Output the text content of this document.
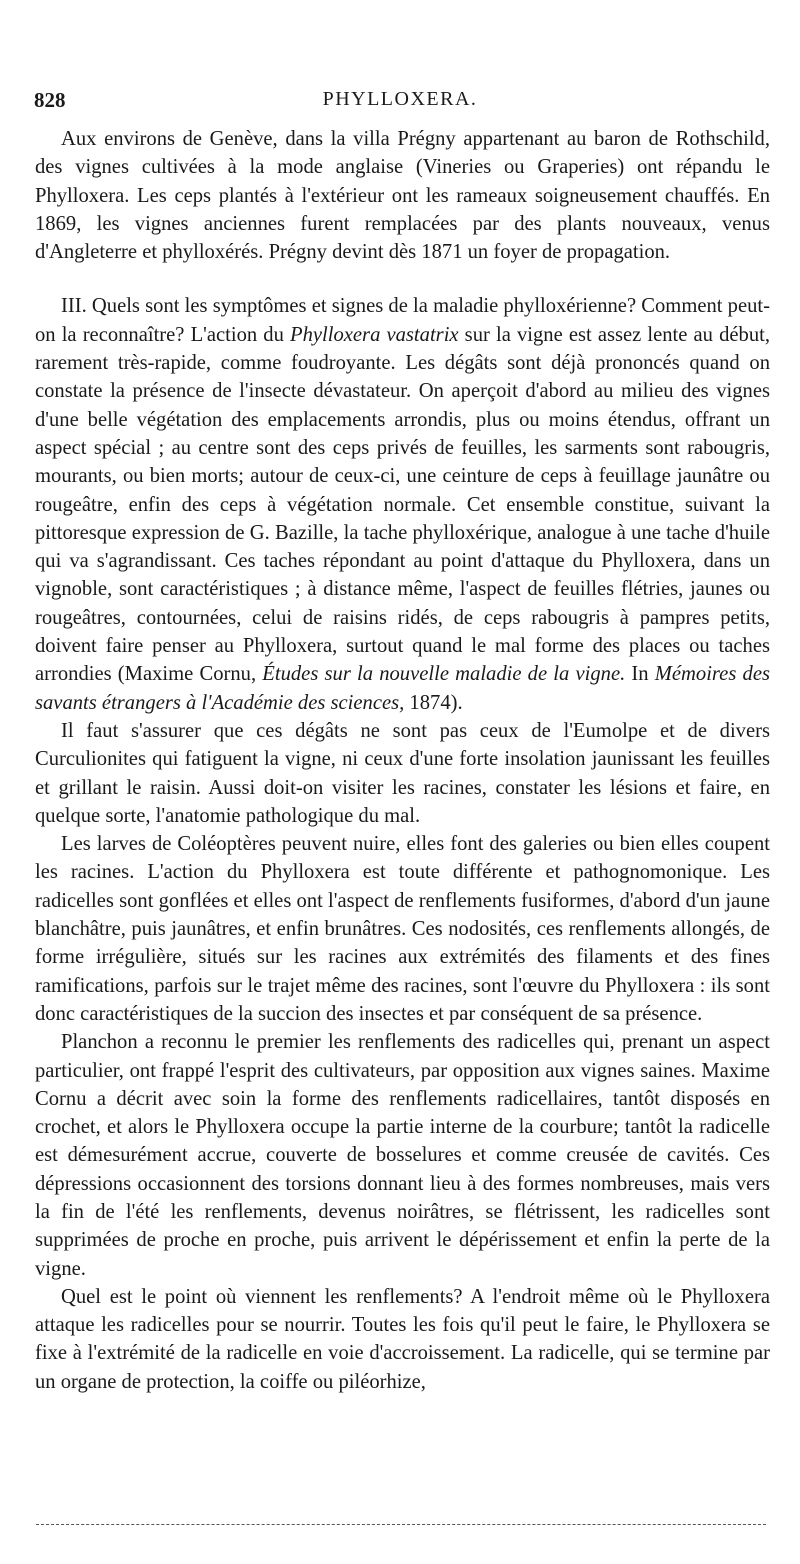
828	PHYLLOXERA.

Aux environs de Genève, dans la villa Prégny appartenant au baron de Rothschild, des vignes cultivées à la mode anglaise (Vineries ou Graperies) ont répandu le Phylloxera. Les ceps plantés à l'extérieur ont les rameaux soigneusement chauffés. En 1869, les vignes anciennes furent remplacées par des plants nouveaux, venus d'Angleterre et phylloxérés. Prégny devint dès 1871 un foyer de propagation.

III. Quels sont les symptômes et signes de la maladie phylloxérienne? Comment peut-on la reconnaître? L'action du Phylloxera vastatrix sur la vigne est assez lente au début, rarement très-rapide, comme foudroyante. Les dégâts sont déjà prononcés quand on constate la présence de l'insecte dévastateur. On aperçoit d'abord au milieu des vignes d'une belle végétation des emplacements arrondis, plus ou moins étendus, offrant un aspect spécial ; au centre sont des ceps privés de feuilles, les sarments sont rabougris, mourants, ou bien morts; autour de ceux-ci, une ceinture de ceps à feuillage jaunâtre ou rougeâtre, enfin des ceps à végétation normale. Cet ensemble constitue, suivant la pittoresque expression de G. Bazille, la tache phylloxérique, analogue à une tache d'huile qui va s'agrandissant. Ces taches répondant au point d'attaque du Phylloxera, dans un vignoble, sont caractéristiques ; à distance même, l'aspect de feuilles flétries, jaunes ou rougeâtres, contournées, celui de raisins ridés, de ceps rabougris à pampres petits, doivent faire penser au Phylloxera, surtout quand le mal forme des places ou taches arrondies (Maxime Cornu, Études sur la nouvelle maladie de la vigne. In Mémoires des savants étrangers à l'Académie des sciences, 1874).

Il faut s'assurer que ces dégâts ne sont pas ceux de l'Eumolpe et de divers Curculionites qui fatiguent la vigne, ni ceux d'une forte insolation jaunissant les feuilles et grillant le raisin. Aussi doit-on visiter les racines, constater les lésions et faire, en quelque sorte, l'anatomie pathologique du mal.

Les larves de Coléoptères peuvent nuire, elles font des galeries ou bien elles coupent les racines. L'action du Phylloxera est toute différente et pathognomonique. Les radicelles sont gonflées et elles ont l'aspect de renflements fusiformes, d'abord d'un jaune blanchâtre, puis jaunâtres, et enfin brunâtres. Ces nodosités, ces renflements allongés, de forme irrégulière, situés sur les racines aux extrémités des filaments et des fines ramifications, parfois sur le trajet même des racines, sont l'œuvre du Phylloxera : ils sont donc caractéristiques de la succion des insectes et par conséquent de sa présence.

Planchon a reconnu le premier les renflements des radicelles qui, prenant un aspect particulier, ont frappé l'esprit des cultivateurs, par opposition aux vignes saines. Maxime Cornu a décrit avec soin la forme des renflements radicellaires, tantôt disposés en crochet, et alors le Phylloxera occupe la partie interne de la courbure; tantôt la radicelle est démesurément accrue, couverte de bosselures et comme creusée de cavités. Ces dépressions occasionnent des torsions donnant lieu à des formes nombreuses, mais vers la fin de l'été les renflements, devenus noirâtres, se flétrissent, les radicelles sont supprimées de proche en proche, puis arrivent le dépérissement et enfin la perte de la vigne.

Quel est le point où viennent les renflements? A l'endroit même où le Phylloxera attaque les radicelles pour se nourrir. Toutes les fois qu'il peut le faire, le Phylloxera se fixe à l'extrémité de la radicelle en voie d'accroissement. La radicelle, qui se termine par un organe de protection, la coiffe ou piléorhize,
